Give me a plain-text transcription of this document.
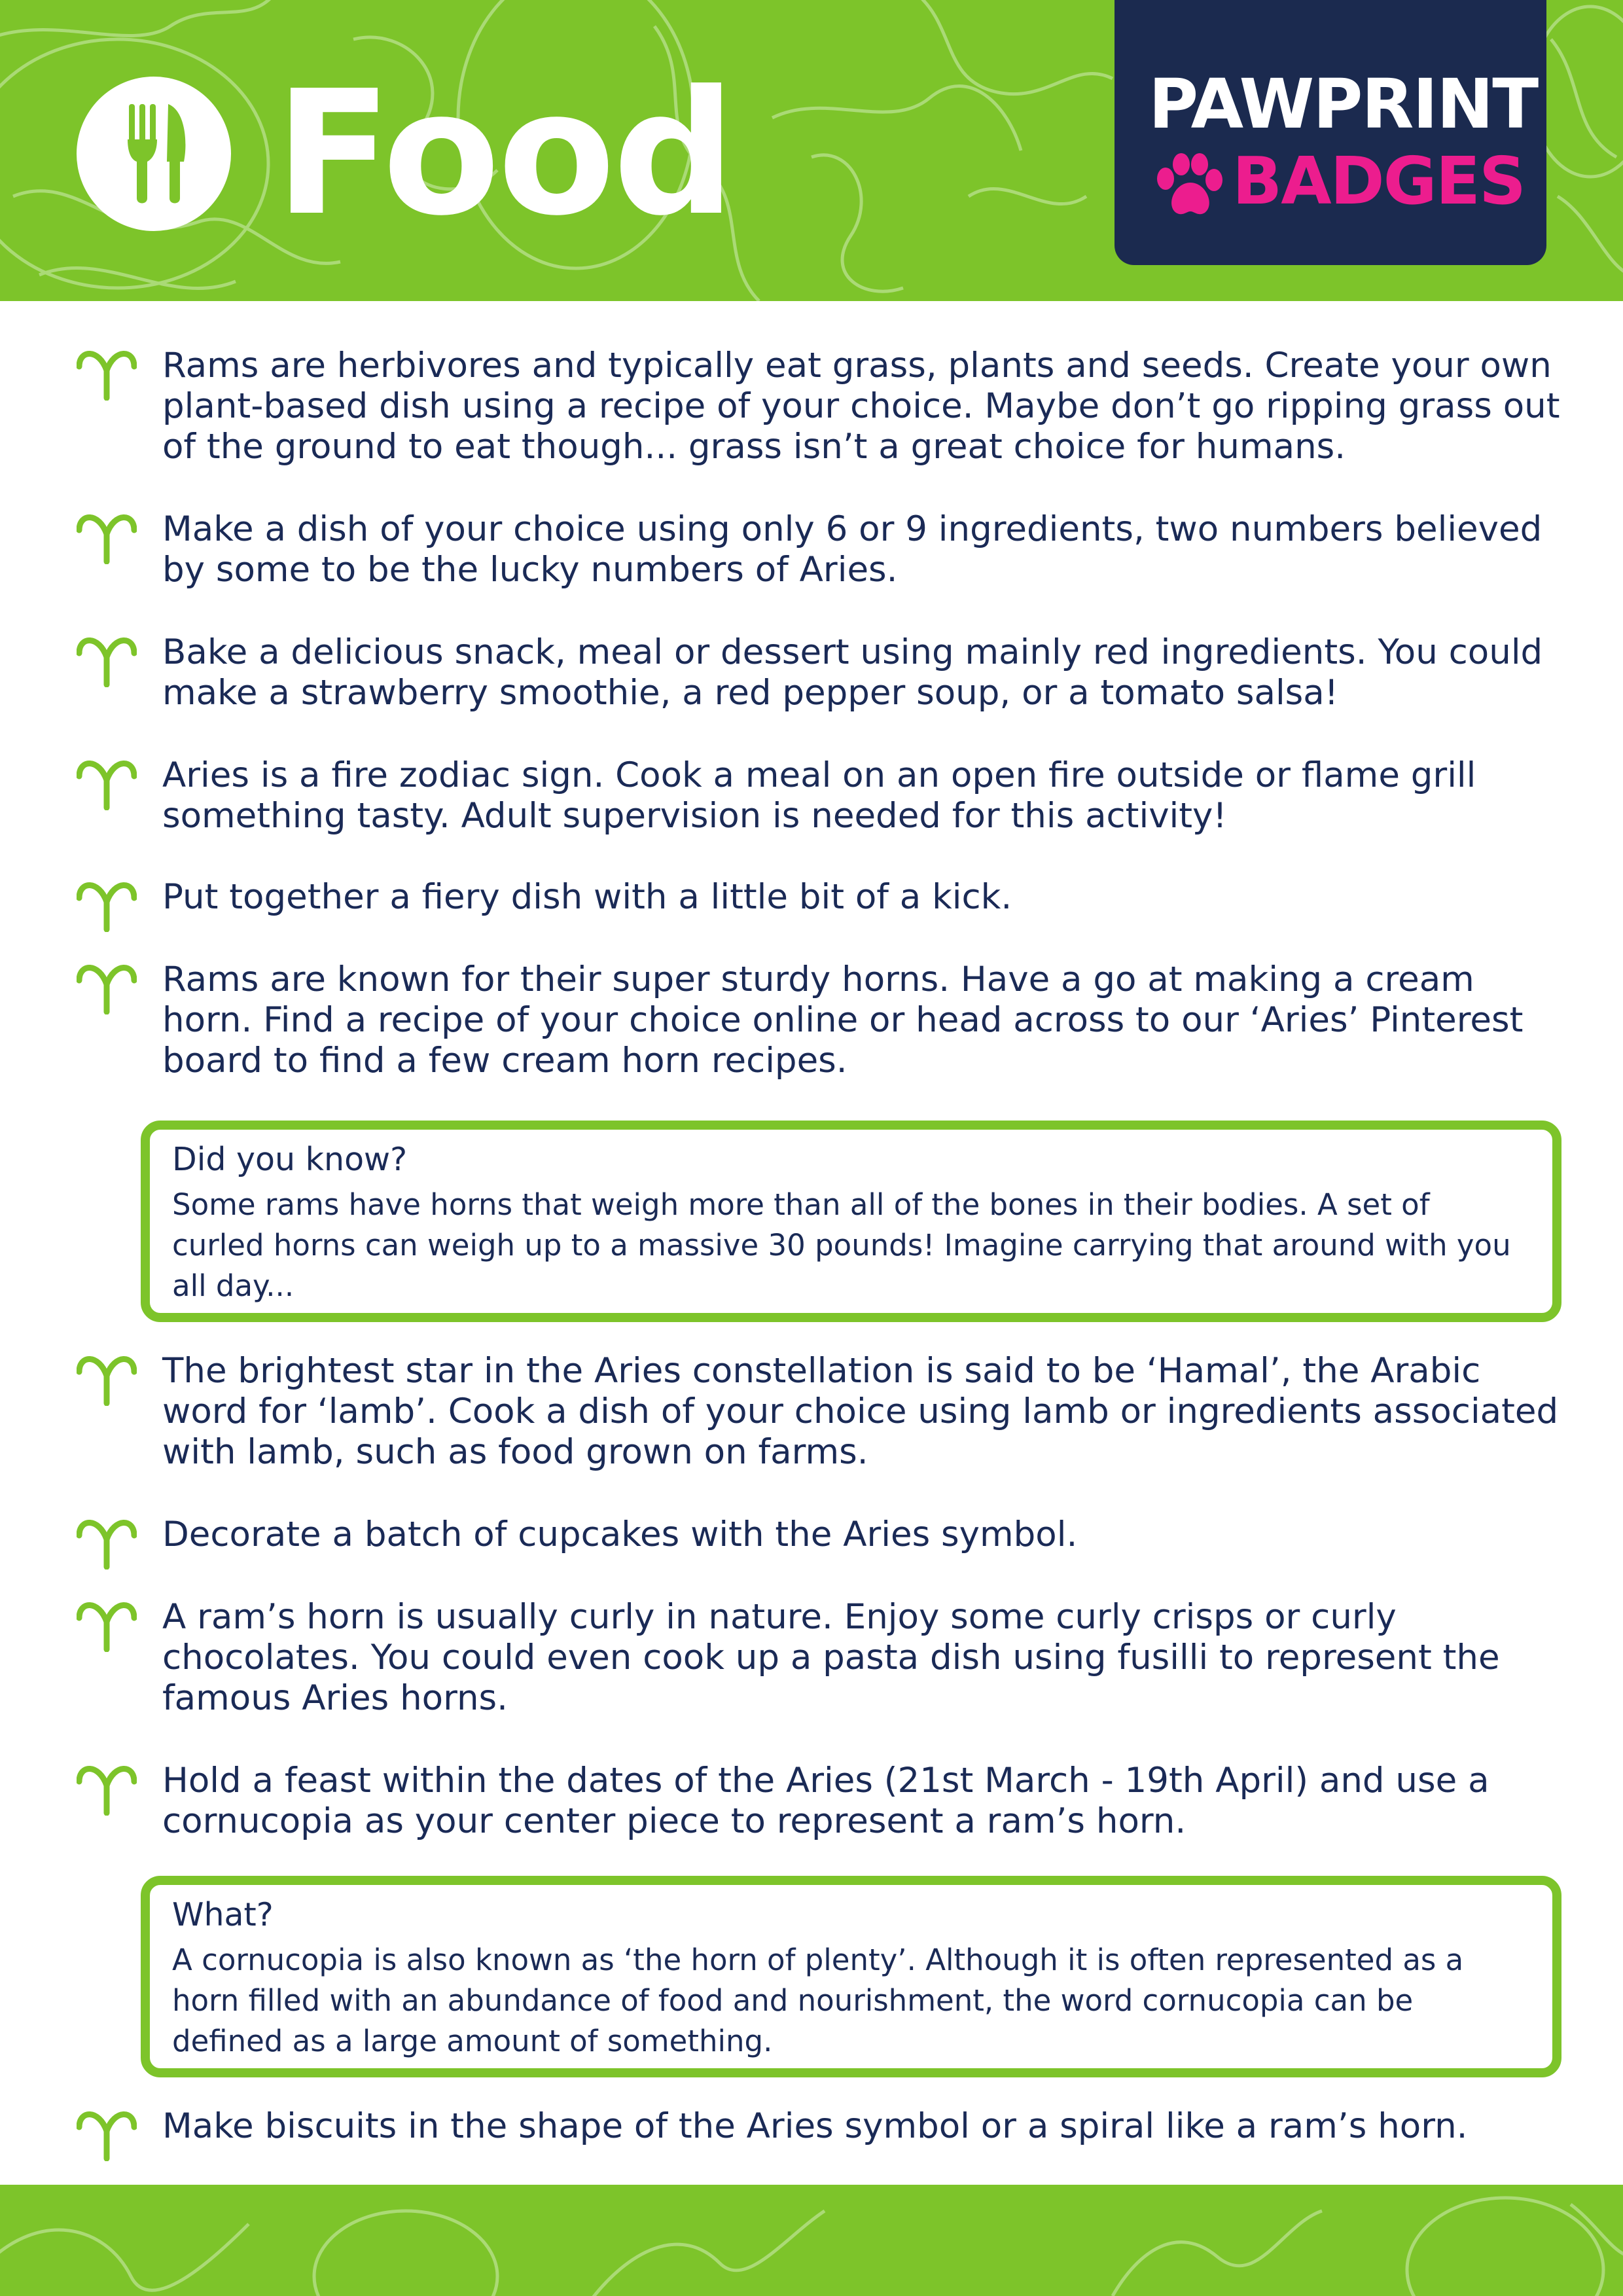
Food	PAWPRINT
BADGES

Rams are herbivores and typically eat grass, plants and seeds. Create your own plant-based dish using a recipe of your choice. Maybe don’t go ripping grass out of the ground to eat though... grass isn’t a great choice for humans.

Make a dish of your choice using only 6 or 9 ingredients, two numbers believed by some to be the lucky numbers of Aries.

Bake a delicious snack, meal or dessert using mainly red ingredients. You could make a strawberry smoothie, a red pepper soup, or a tomato salsa!

Aries is a fire zodiac sign. Cook a meal on an open fire outside or flame grill something tasty. Adult supervision is needed for this activity!

Put together a fiery dish with a little bit of a kick.

Rams are known for their super sturdy horns. Have a go at making a cream horn. Find a recipe of your choice online or head across to our ‘Aries’ Pinterest board to find a few cream horn recipes.

Did you know?

Some rams have horns that weigh more than all of the bones in their bodies. A set of curled horns can weigh up to a massive 30 pounds! Imagine carrying that around with you all day...

The brightest star in the Aries constellation is said to be ‘Hamal’, the Arabic word for ‘lamb’. Cook a dish of your choice using lamb or ingredients associated with lamb, such as food grown on farms.

Decorate a batch of cupcakes with the Aries symbol.

A ram’s horn is usually curly in nature. Enjoy some curly crisps or curly chocolates. You could even cook up a pasta dish using fusilli to represent the famous Aries horns.

Hold a feast within the dates of the Aries (21st March - 19th April) and use a cornucopia as your center piece to represent a ram’s horn.

What?

A cornucopia is also known as ‘the horn of plenty’. Although it is often represented as a horn filled with an abundance of food and nourishment, the word cornucopia can be defined as a large amount of something.

Make biscuits in the shape of the Aries symbol or a spiral like a ram’s horn.
